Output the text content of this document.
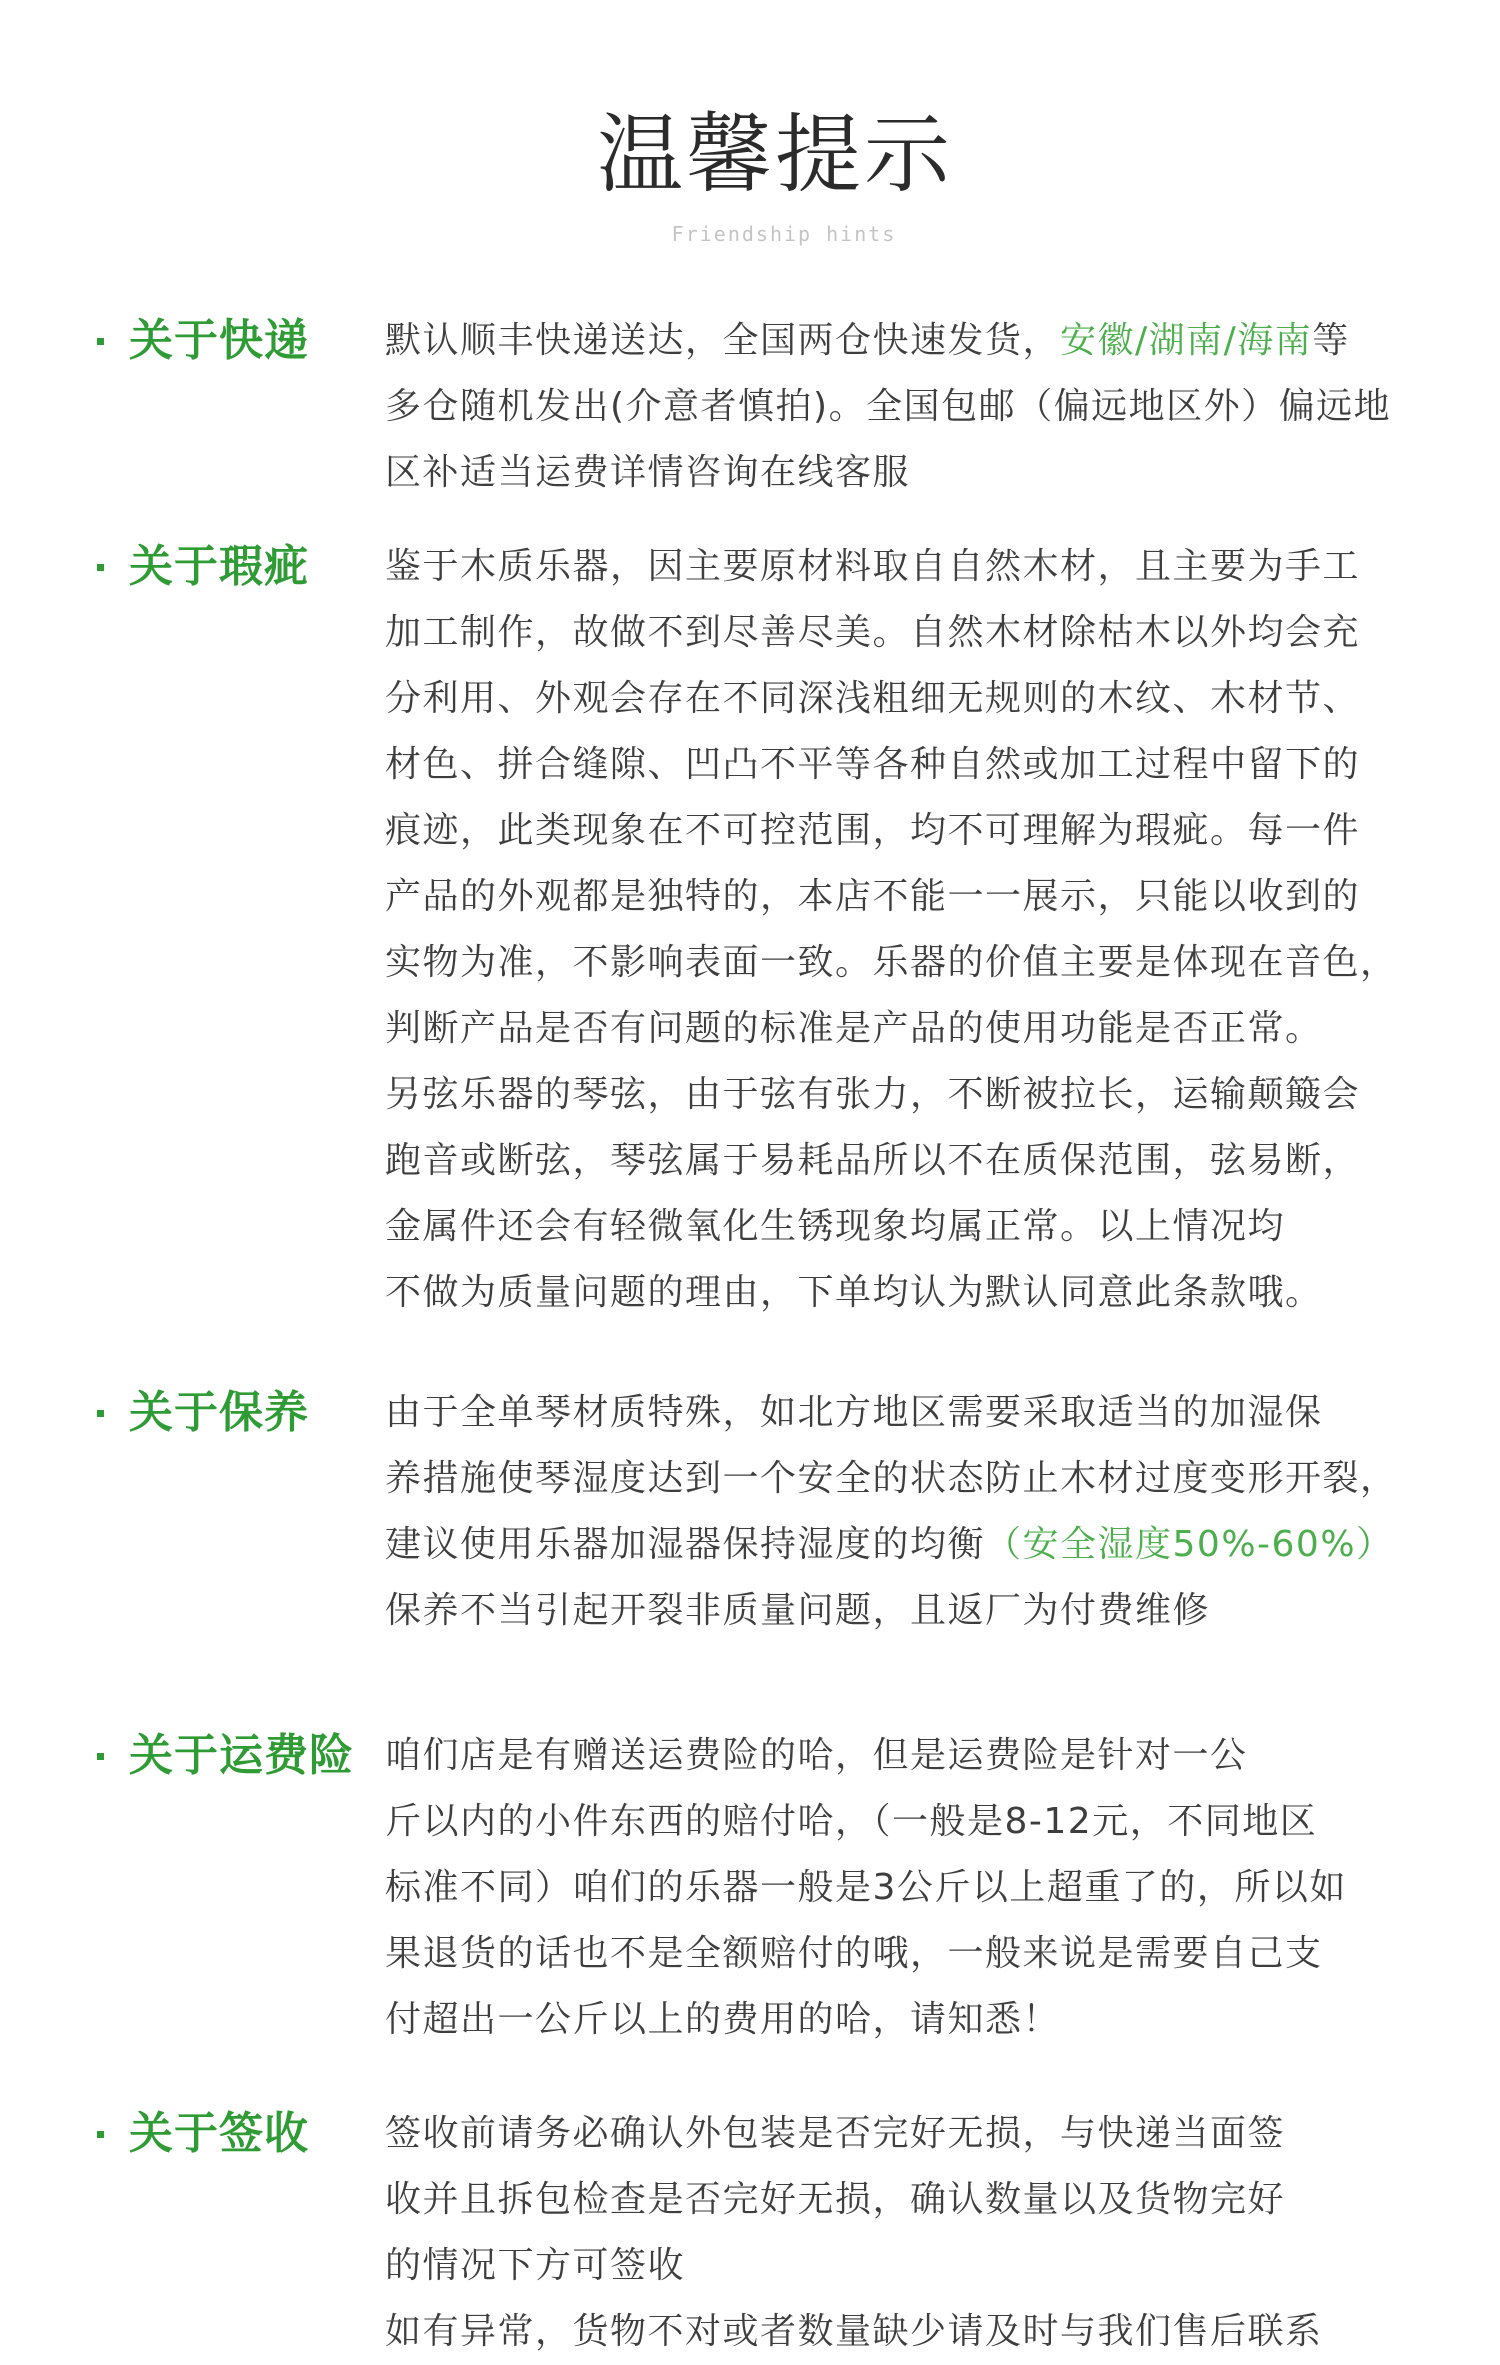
温馨提示
Friendship hints
关于快递 默认顺丰快递送达，全国两仓快速发货，安徽/湖南/海南等
多仓随机发出(介意者慎拍)。全国包邮（偏远地区外）偏远地
区补适当运费详情咨询在线客服
关于瑕疵 鉴于木质乐器，因主要原材料取自自然木材，且主要为手工
加工制作，故做不到尽善尽美。自然木材除枯木以外均会充
分利用、外观会存在不同深浅粗细无规则的木纹、木材节、
材色、拼合缝隙、凹凸不平等各种自然或加工过程中留下的
痕迹，此类现象在不可控范围，均不可理解为瑕疵。每一件
产品的外观都是独特的，本店不能一一展示，只能以收到的
实物为准，不影响表面一致。乐器的价值主要是体现在音色，
判断产品是否有问题的标准是产品的使用功能是否正常。
另弦乐器的琴弦，由于弦有张力，不断被拉长，运输颠簸会
跑音或断弦，琴弦属于易耗品所以不在质保范围，弦易断，
金属件还会有轻微氧化生锈现象均属正常。以上情况均
不做为质量问题的理由，下单均认为默认同意此条款哦。
关于保养 由于全单琴材质特殊，如北方地区需要采取适当的加湿保
养措施使琴湿度达到一个安全的状态防止木材过度变形开裂，
建议使用乐器加湿器保持湿度的均衡（安全湿度50%-60%）
保养不当引起开裂非质量问题，且返厂为付费维修
关于运费险 咱们店是有赠送运费险的哈，但是运费险是针对一公
斤以内的小件东西的赔付哈，（一般是8-12元，不同地区
标准不同）咱们的乐器一般是3公斤以上超重了的，所以如
果退货的话也不是全额赔付的哦，一般来说是需要自己支
付超出一公斤以上的费用的哈，请知悉！
关于签收 签收前请务必确认外包装是否完好无损，与快递当面签
收并且拆包检查是否完好无损，确认数量以及货物完好
的情况下方可签收
如有异常，货物不对或者数量缺少请及时与我们售后联系
